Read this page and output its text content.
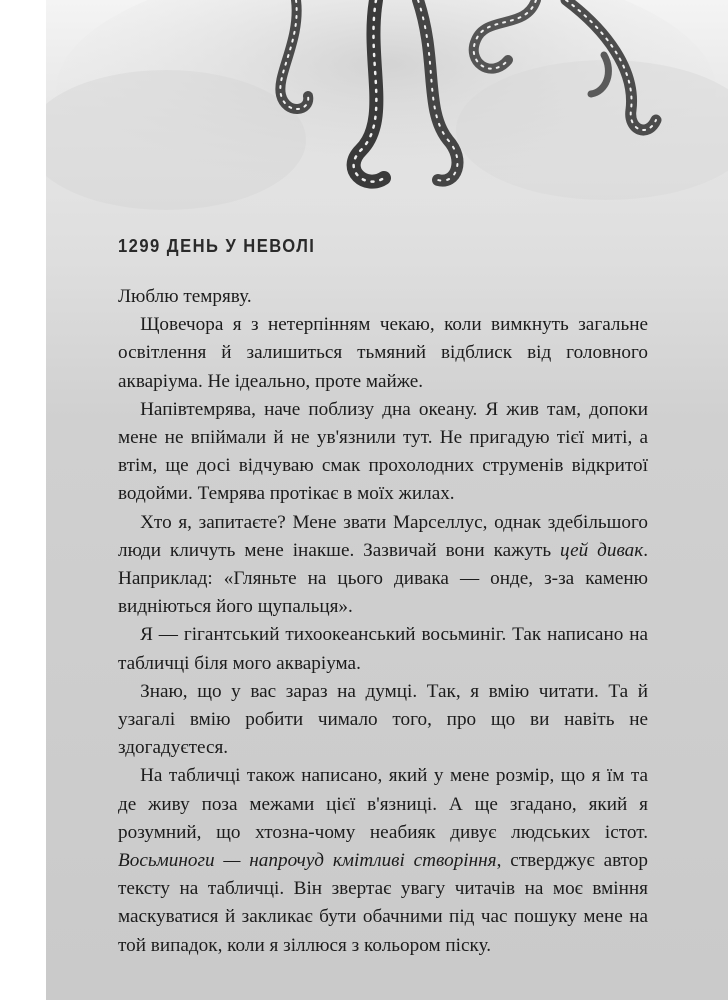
1299 ДЕНЬ У НЕВОЛІ

Люблю темряву.

Щовечора я з нетерпінням чекаю, коли вимкнуть загальне освітлення й залишиться тьмяний відблиск від головного акваріума. Не ідеально, проте майже.

Напівтемрява, наче поблизу дна океану. Я жив там, допоки мене не впіймали й не ув'язнили тут. Не пригадую тієї миті, а втім, ще досі відчуваю смак прохолодних струменів відкритої водойми. Темрява протікає в моїх жилах.

Хто я, запитаєте? Мене звати Марселлус, однак здебільшого люди кличуть мене інакше. Зазвичай вони кажуть цей дивак. Наприклад: «Гляньте на цього дивака — онде, з-за каменю видніються його щупальця».

Я — гігантський тихоокеанський восьминіг. Так написано на табличці біля мого акваріума.

Знаю, що у вас зараз на думці. Так, я вмію читати. Та й узагалі вмію робити чимало того, про що ви навіть не здогадуєтеся.

На табличці також написано, який у мене розмір, що я їм та де живу поза межами цієї в'язниці. А ще згадано, який я розумний, що хтозна-чому неабияк дивує людських істот. Восьминоги — напрочуд кмітливі створіння, стверджує автор тексту на табличці. Він звертає увагу читачів на моє вміння маскуватися й закликає бути обачними під час пошуку мене на той випадок, коли я зіллюся з кольором піску.
